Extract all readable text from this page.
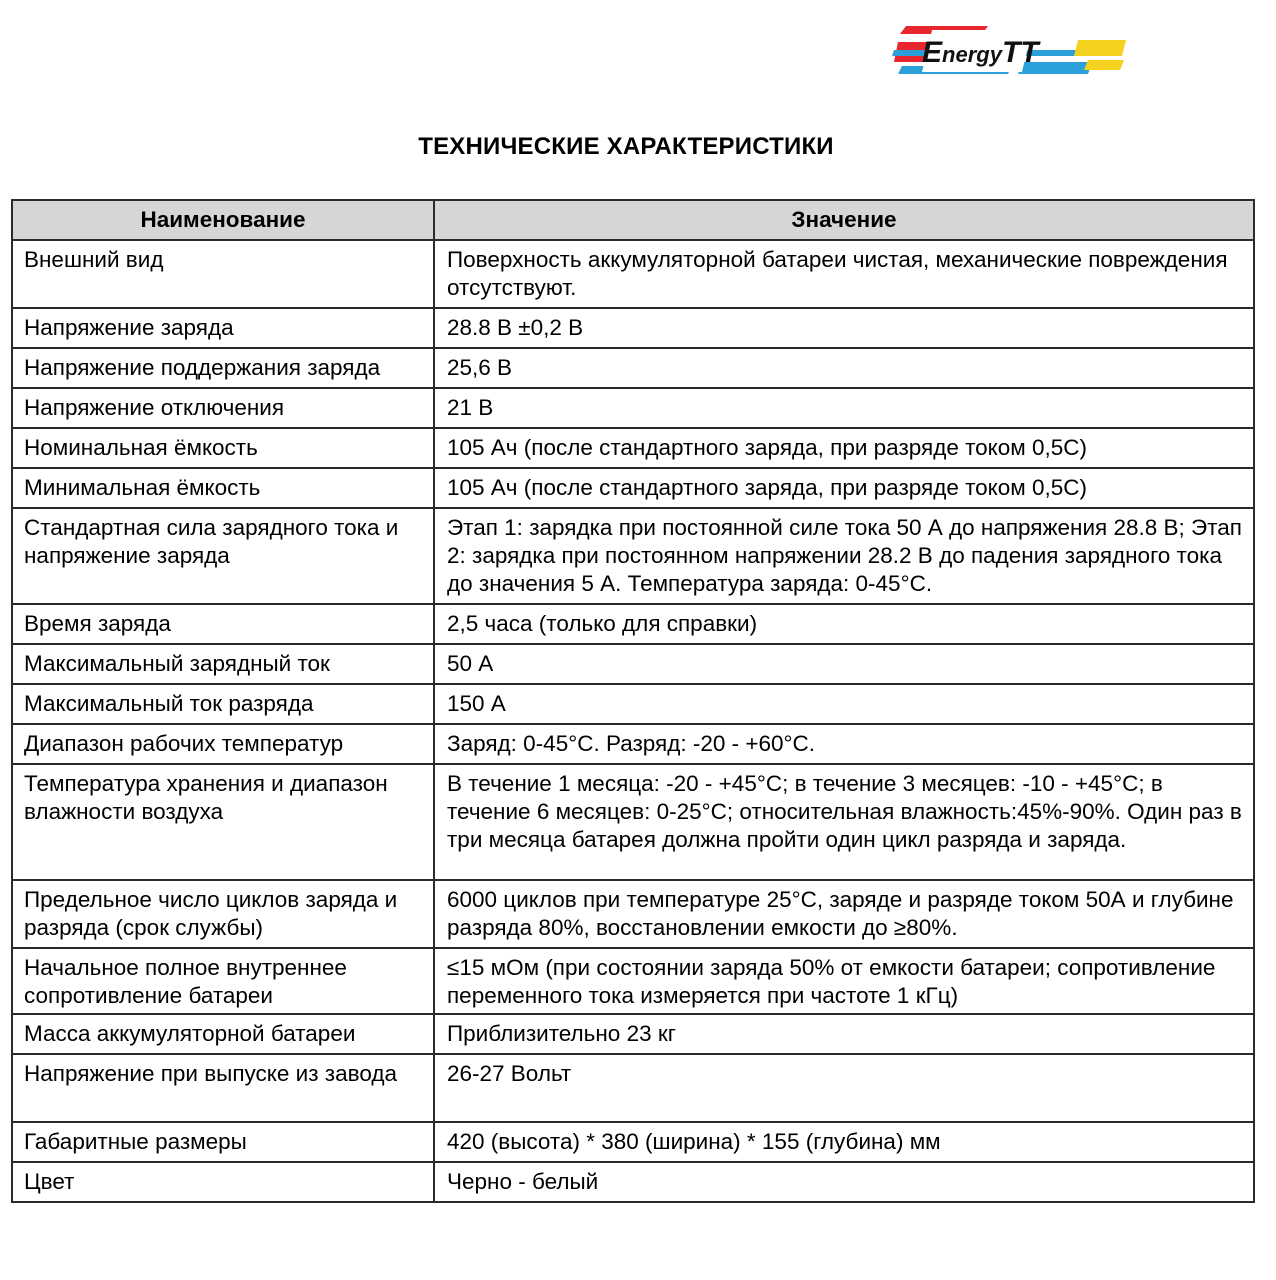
EnergyTT
ТЕХНИЧЕСКИЕ ХАРАКТЕРИСТИКИ
Наименование	Значение
Внешний вид	Поверхность аккумуляторной батареи чистая, механические повреждения отсутствуют.
Напряжение заряда	28.8 В ±0,2 В
Напряжение поддержания заряда	25,6 В
Напряжение отключения	21 В
Номинальная ёмкость	105 Ач (после стандартного заряда, при разряде током 0,5С)
Минимальная ёмкость	105 Ач (после стандартного заряда, при разряде током 0,5С)
Стандартная сила зарядного тока и напряжение заряда	Этап 1: зарядка при постоянной силе тока 50 А до напряжения 28.8 В; Этап 2: зарядка при постоянном напряжении 28.2 В до падения зарядного тока до значения 5 А. Температура заряда: 0-45°С.
Время заряда	2,5 часа (только для справки)
Максимальный зарядный ток	50 А
Максимальный ток разряда	150 А
Диапазон рабочих температур	Заряд: 0-45°С. Разряд: -20 - +60°С.
Температура хранения и диапазон влажности воздуха	В течение 1 месяца: -20 - +45°С; в течение 3 месяцев: -10 - +45°С; в течение 6 месяцев: 0-25°С; относительная влажность:45%-90%. Один раз в три месяца батарея должна пройти один цикл разряда и заряда.
Предельное число циклов заряда и разряда (срок службы)	6000 циклов при температуре 25°С, заряде и разряде током 50А и глубине разряда 80%, восстановлении емкости до ≥80%.
Начальное полное внутреннее сопротивление батареи	≤15 мОм (при состоянии заряда 50% от емкости батареи; сопротивление переменного тока измеряется при частоте 1 кГц)
Масса аккумуляторной батареи	Приблизительно 23 кг
Напряжение при выпуске из завода	26-27 Вольт
Габаритные размеры	420 (высота) * 380 (ширина) * 155 (глубина) мм
Цвет	Черно - белый
